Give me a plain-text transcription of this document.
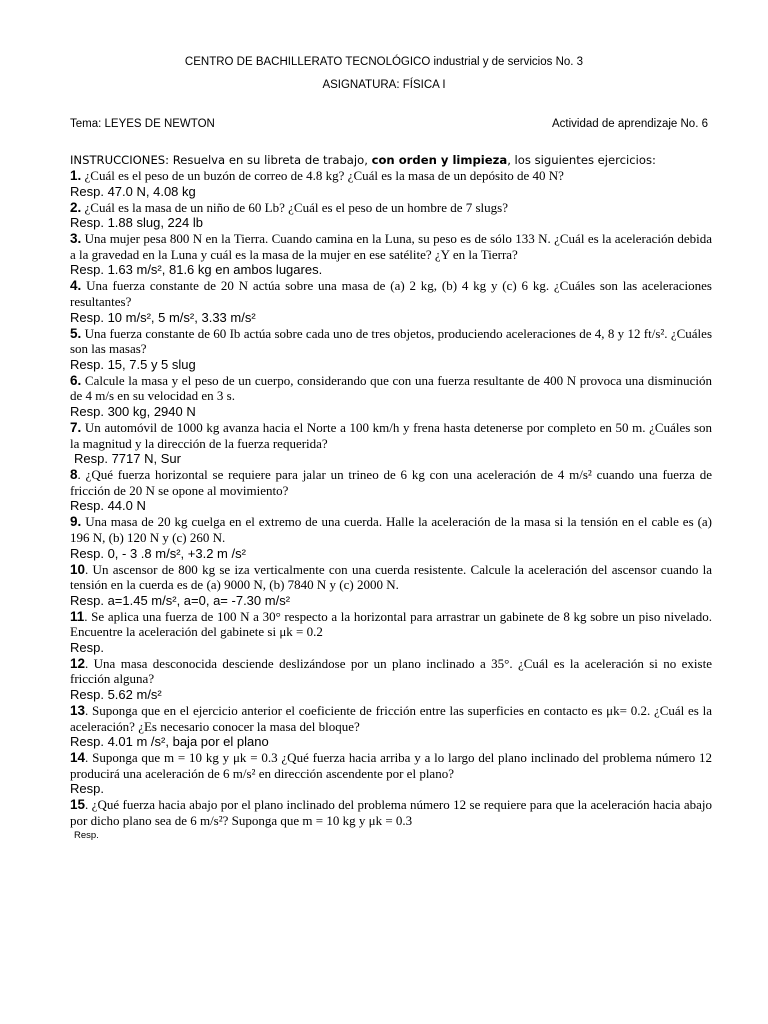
CENTRO DE BACHILLERATO TECNOLÓGICO industrial y de servicios No. 3
ASIGNATURA: FÍSICA I
Tema: LEYES DE NEWTON	Actividad de aprendizaje No. 6
INSTRUCCIONES: Resuelva en su libreta de trabajo, con orden y limpieza, los siguientes ejercicios:
1. ¿Cuál es el peso de un buzón de correo de 4.8 kg? ¿Cuál es la masa de un depósito de 40 N?
Resp. 47.0 N, 4.08 kg
2. ¿Cuál es la masa de un niño de 60 Lb? ¿Cuál es el peso de un hombre de 7 slugs?
Resp. 1.88 slug, 224 lb
3. Una mujer pesa 800 N en la Tierra. Cuando camina en la Luna, su peso es de sólo 133 N. ¿Cuál es la aceleración debida a la gravedad en la Luna y cuál es la masa de la mujer en ese satélite? ¿Y en la Tierra?
Resp. 1.63 m/s², 81.6 kg en ambos lugares.
4. Una fuerza constante de 20 N actúa sobre una masa de (a) 2 kg, (b) 4 kg y (c) 6 kg. ¿Cuáles son las aceleraciones resultantes?
Resp. 10 m/s², 5 m/s², 3.33 m/s²
5. Una fuerza constante de 60 Ib actúa sobre cada uno de tres objetos, produciendo aceleraciones de 4, 8 y 12 ft/s². ¿Cuáles son las masas?
Resp. 15, 7.5 y 5 slug
6. Calcule la masa y el peso de un cuerpo, considerando que con una fuerza resultante de 400 N provoca una disminución de 4 m/s en su velocidad en 3 s.
Resp. 300 kg, 2940 N
7. Un automóvil de 1000 kg avanza hacia el Norte a 100 km/h y frena hasta detenerse por completo en 50 m. ¿Cuáles son la magnitud y la dirección de la fuerza requerida?
Resp. 7717 N, Sur
8. ¿Qué fuerza horizontal se requiere para jalar un trineo de 6 kg con una aceleración de 4 m/s² cuando una fuerza de fricción de 20 N se opone al movimiento?
Resp. 44.0 N
9. Una masa de 20 kg cuelga en el extremo de una cuerda. Halle la aceleración de la masa si la tensión en el cable es (a) 196 N, (b) 120 N y (c) 260 N.
Resp. 0, - 3 .8 m/s², +3.2 m /s²
10. Un ascensor de 800 kg se iza verticalmente con una cuerda resistente. Calcule la aceleración del ascensor cuando la tensión en la cuerda es de (a) 9000 N, (b) 7840 N y (c) 2000 N.
Resp. a=1.45 m/s², a=0, a= -7.30 m/s²
11. Se aplica una fuerza de 100 N a 30° respecto a la horizontal para arrastrar un gabinete de 8 kg sobre un piso nivelado. Encuentre la aceleración del gabinete si μk = 0.2
Resp.
12. Una masa desconocida desciende deslizándose por un plano inclinado a 35°. ¿Cuál es la aceleración si no existe fricción alguna?
Resp. 5.62 m/s²
13. Suponga que en el ejercicio anterior el coeficiente de fricción entre las superficies en contacto es μk= 0.2. ¿Cuál es la aceleración? ¿Es necesario conocer la masa del bloque?
Resp. 4.01 m /s², baja por el plano
14. Suponga que m = 10 kg y μk = 0.3 ¿Qué fuerza hacia arriba y a lo largo del plano inclinado del problema número 12 producirá una aceleración de 6 m/s² en dirección ascendente por el plano?
Resp.
15. ¿Qué fuerza hacia abajo por el plano inclinado del problema número 12 se requiere para que la aceleración hacia abajo por dicho plano sea de 6 m/s²? Suponga que m = 10 kg y μk = 0.3
Resp.
